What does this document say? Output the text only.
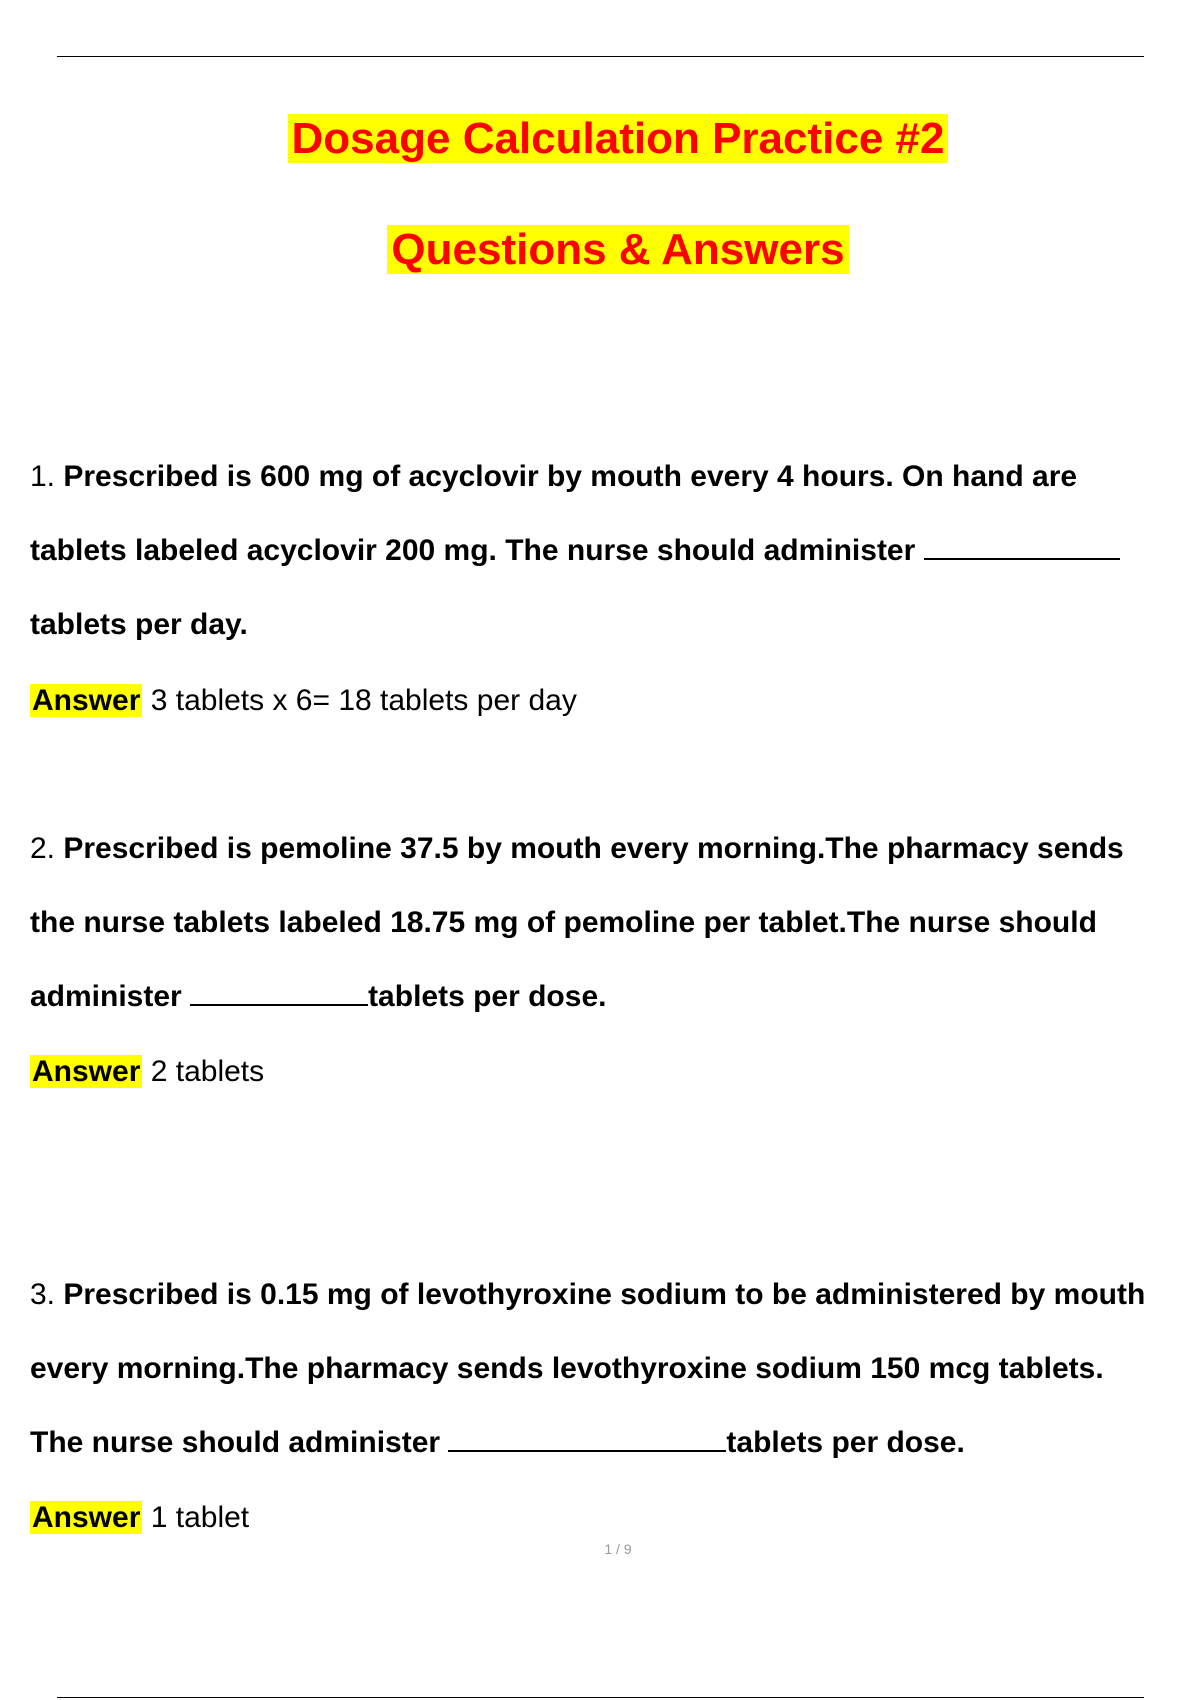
Dosage Calculation Practice #2
Questions & Answers
1. Prescribed is 600 mg of acyclovir by mouth every 4 hours. On hand are
tablets labeled acyclovir 200 mg. The nurse should administer
tablets per day.
Answer 3 tablets x 6= 18 tablets per day
2. Prescribed is pemoline 37.5 by mouth every morning.The pharmacy sends
the nurse tablets labeled 18.75 mg of pemoline per tablet.The nurse should
administer	tablets per dose.
Answer 2 tablets
3. Prescribed is 0.15 mg of levothyroxine sodium to be administered by mouth
every morning.The pharmacy sends levothyroxine sodium 150 mcg tablets.
The nurse should administer	tablets per dose.
Answer 1 tablet
1 / 9
